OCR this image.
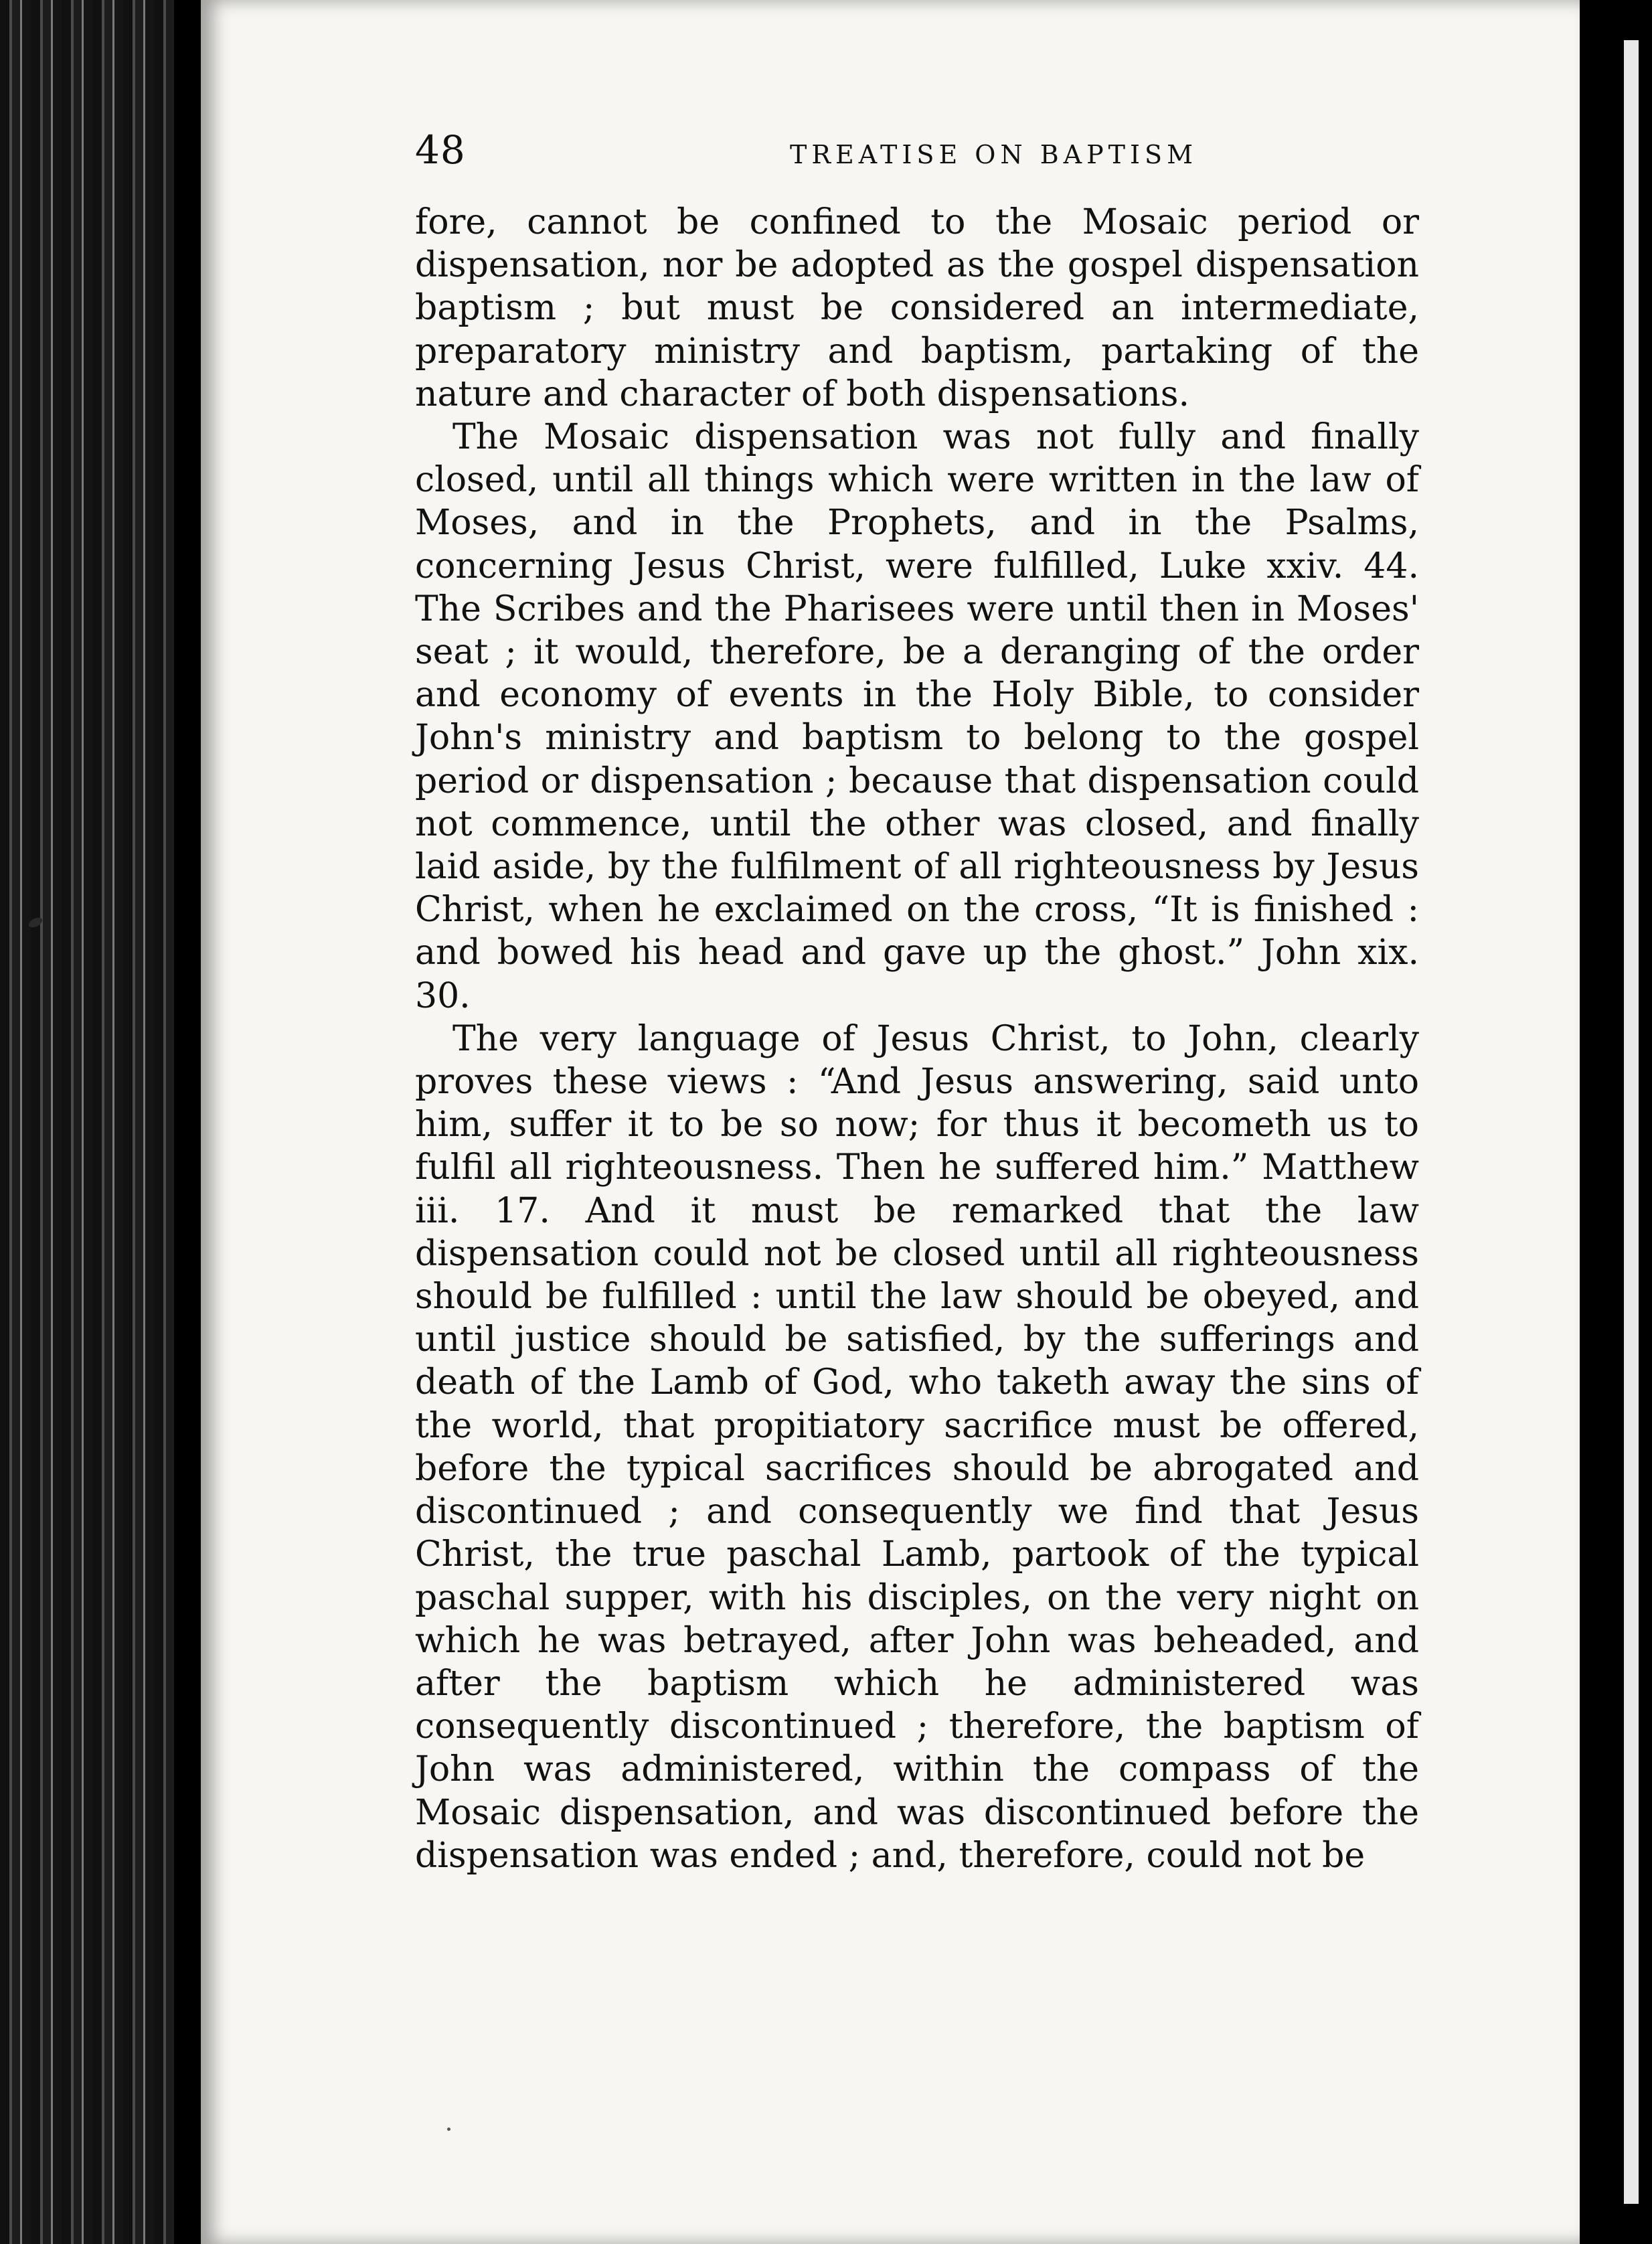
48	TREATISE ON BAPTISM

fore, cannot be confined to the Mosaic period or dispensation, nor be adopted as the gospel dispensation baptism ; but must be considered an intermediate, preparatory ministry and baptism, partaking of the nature and character of both dispensations.

The Mosaic dispensation was not fully and finally closed, until all things which were written in the law of Moses, and in the Prophets, and in the Psalms, concerning Jesus Christ, were fulfilled, Luke xxiv. 44. The Scribes and the Pharisees were until then in Moses' seat ; it would, therefore, be a deranging of the order and economy of events in the Holy Bible, to consider John's ministry and baptism to belong to the gospel period or dispensation ; because that dispensation could not commence, until the other was closed, and finally laid aside, by the fulfilment of all righteousness by Jesus Christ, when he exclaimed on the cross, “It is finished : and bowed his head and gave up the ghost.” John xix. 30.

The very language of Jesus Christ, to John, clearly proves these views : “And Jesus answering, said unto him, suffer it to be so now; for thus it becometh us to fulfil all righteousness. Then he suffered him.” Matthew iii. 17. And it must be remarked that the law dispensation could not be closed until all righteousness should be fulfilled : until the law should be obeyed, and until justice should be satisfied, by the sufferings and death of the Lamb of God, who taketh away the sins of the world, that propitiatory sacrifice must be offered, before the typical sacrifices should be abrogated and discontinued ; and consequently we find that Jesus Christ, the true paschal Lamb, partook of the typical paschal supper, with his disciples, on the very night on which he was betrayed, after John was beheaded, and after the baptism which he administered was consequently discontinued ; therefore, the baptism of John was administered, within the compass of the Mosaic dispensation, and was discontinued before the dispensation was ended ; and, therefore, could not be
